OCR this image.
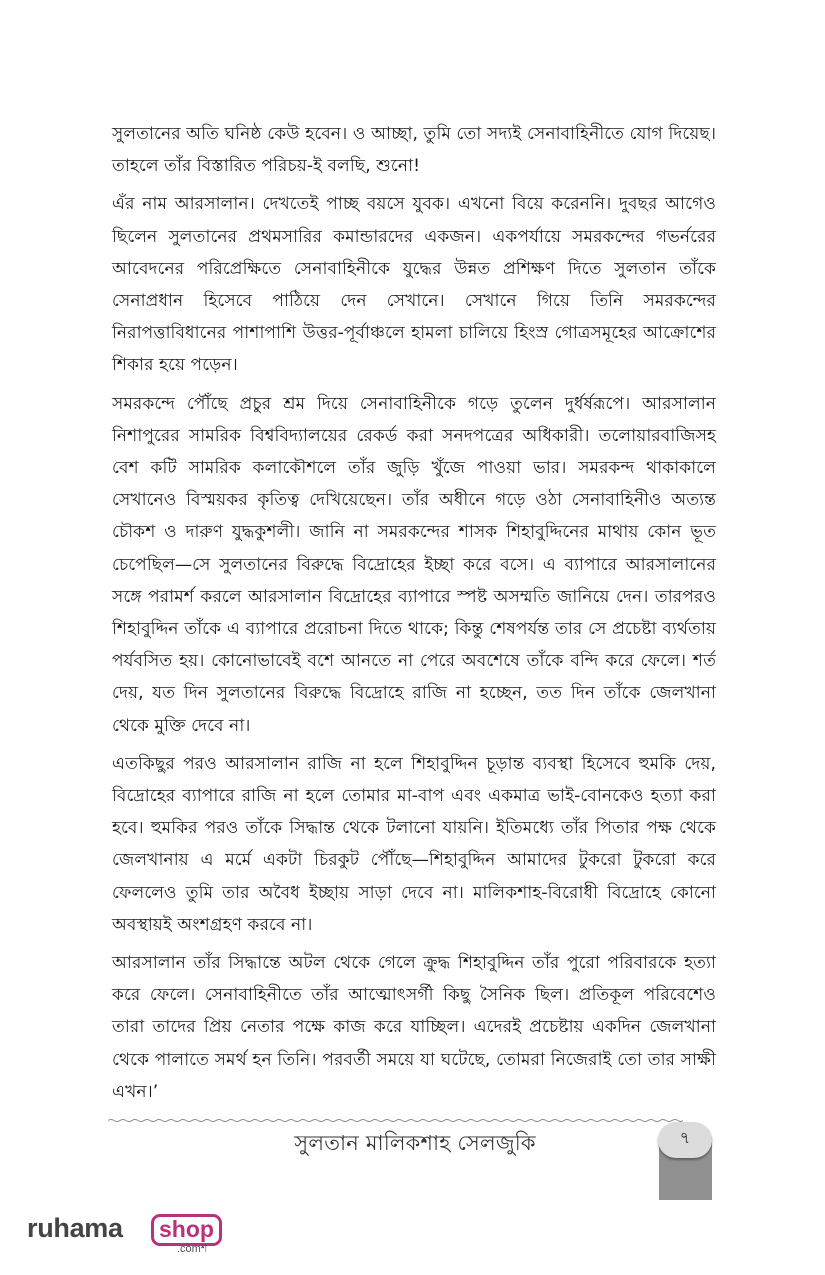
সুলতানের অতি ঘনিষ্ঠ কেউ হবেন। ও আচ্ছা, তুমি তো সদ্যই সেনাবাহিনীতে যোগ দিয়েছ। তাহলে তাঁর বিস্তারিত পরিচয়-ই বলছি, শুনো!

এঁর নাম আরসালান। দেখতেই পাচ্ছ বয়সে যুবক। এখনো বিয়ে করেননি। দুবছর আগেও ছিলেন সুলতানের প্রথমসারির কমান্ডারদের একজন। একপর্যায়ে সমরকন্দের গভর্নরের আবেদনের পরিপ্রেক্ষিতে সেনাবাহিনীকে যুদ্ধের উন্নত প্রশিক্ষণ দিতে সুলতান তাঁকে সেনাপ্রধান হিসেবে পাঠিয়ে দেন সেখানে। সেখানে গিয়ে তিনি সমরকন্দের নিরাপত্তাবিধানের পাশাপাশি উত্তর-পূর্বাঞ্চলে হামলা চালিয়ে হিংস্র গোত্রসমূহের আক্রোশের শিকার হয়ে পড়েন।

সমরকন্দে পৌঁছে প্রচুর শ্রম দিয়ে সেনাবাহিনীকে গড়ে তুলেন দুর্ধর্ষরূপে। আরসালান নিশাপুরের সামরিক বিশ্ববিদ্যালয়ের রেকর্ড করা সনদপত্রের অধিকারী। তলোয়ারবাজিসহ বেশ কটি সামরিক কলাকৌশলে তাঁর জুড়ি খুঁজে পাওয়া ভার। সমরকন্দ থাকাকালে সেখানেও বিস্ময়কর কৃতিত্ব দেখিয়েছেন। তাঁর অধীনে গড়ে ওঠা সেনাবাহিনীও অত্যন্ত চৌকশ ও দারুণ যুদ্ধকুশলী। জানি না সমরকন্দের শাসক শিহাবুদ্দিনের মাথায় কোন ভূত চেপেছিল—সে সুলতানের বিরুদ্ধে বিদ্রোহের ইচ্ছা করে বসে। এ ব্যাপারে আরসালানের সঙ্গে পরামর্শ করলে আরসালান বিদ্রোহের ব্যাপারে স্পষ্ট অসম্মতি জানিয়ে দেন। তারপরও শিহাবুদ্দিন তাঁকে এ ব্যাপারে প্ররোচনা দিতে থাকে; কিন্তু শেষপর্যন্ত তার সে প্রচেষ্টা ব্যর্থতায় পর্যবসিত হয়। কোনোভাবেই বশে আনতে না পেরে অবশেষে তাঁকে বন্দি করে ফেলে। শর্ত দেয়, যত দিন সুলতানের বিরুদ্ধে বিদ্রোহে রাজি না হচ্ছেন, তত দিন তাঁকে জেলখানা থেকে মুক্তি দেবে না।

এতকিছুর পরও আরসালান রাজি না হলে শিহাবুদ্দিন চূড়ান্ত ব্যবস্থা হিসেবে হুমকি দেয়, বিদ্রোহের ব্যাপারে রাজি না হলে তোমার মা-বাপ এবং একমাত্র ভাই-বোনকেও হত্যা করা হবে। হুমকির পরও তাঁকে সিদ্ধান্ত থেকে টলানো যায়নি। ইতিমধ্যে তাঁর পিতার পক্ষ থেকে জেলখানায় এ মর্মে একটা চিরকুট পৌঁছে—শিহাবুদ্দিন আমাদের টুকরো টুকরো করে ফেললেও তুমি তার অবৈধ ইচ্ছায় সাড়া দেবে না। মালিকশাহ-বিরোধী বিদ্রোহে কোনো অবস্থায়ই অংশগ্রহণ করবে না।

আরসালান তাঁর সিদ্ধান্তে অটল থেকে গেলে ক্রুদ্ধ শিহাবুদ্দিন তাঁর পুরো পরিবারকে হত্যা করে ফেলে। সেনাবাহিনীতে তাঁর আত্মোৎসর্গী কিছু সৈনিক ছিল। প্রতিকূল পরিবেশেও তারা তাদের প্রিয় নেতার পক্ষে কাজ করে যাচ্ছিল। এদেরই প্রচেষ্টায় একদিন জেলখানা থেকে পালাতে সমর্থ হন তিনি। পরবর্তী সময়ে যা ঘটেছে, তোমরা নিজেরাই তো তার সাক্ষী এখন।’

সুলতান মালিকশাহ সেলজুকি	৭
ruhama shop
.comশ
